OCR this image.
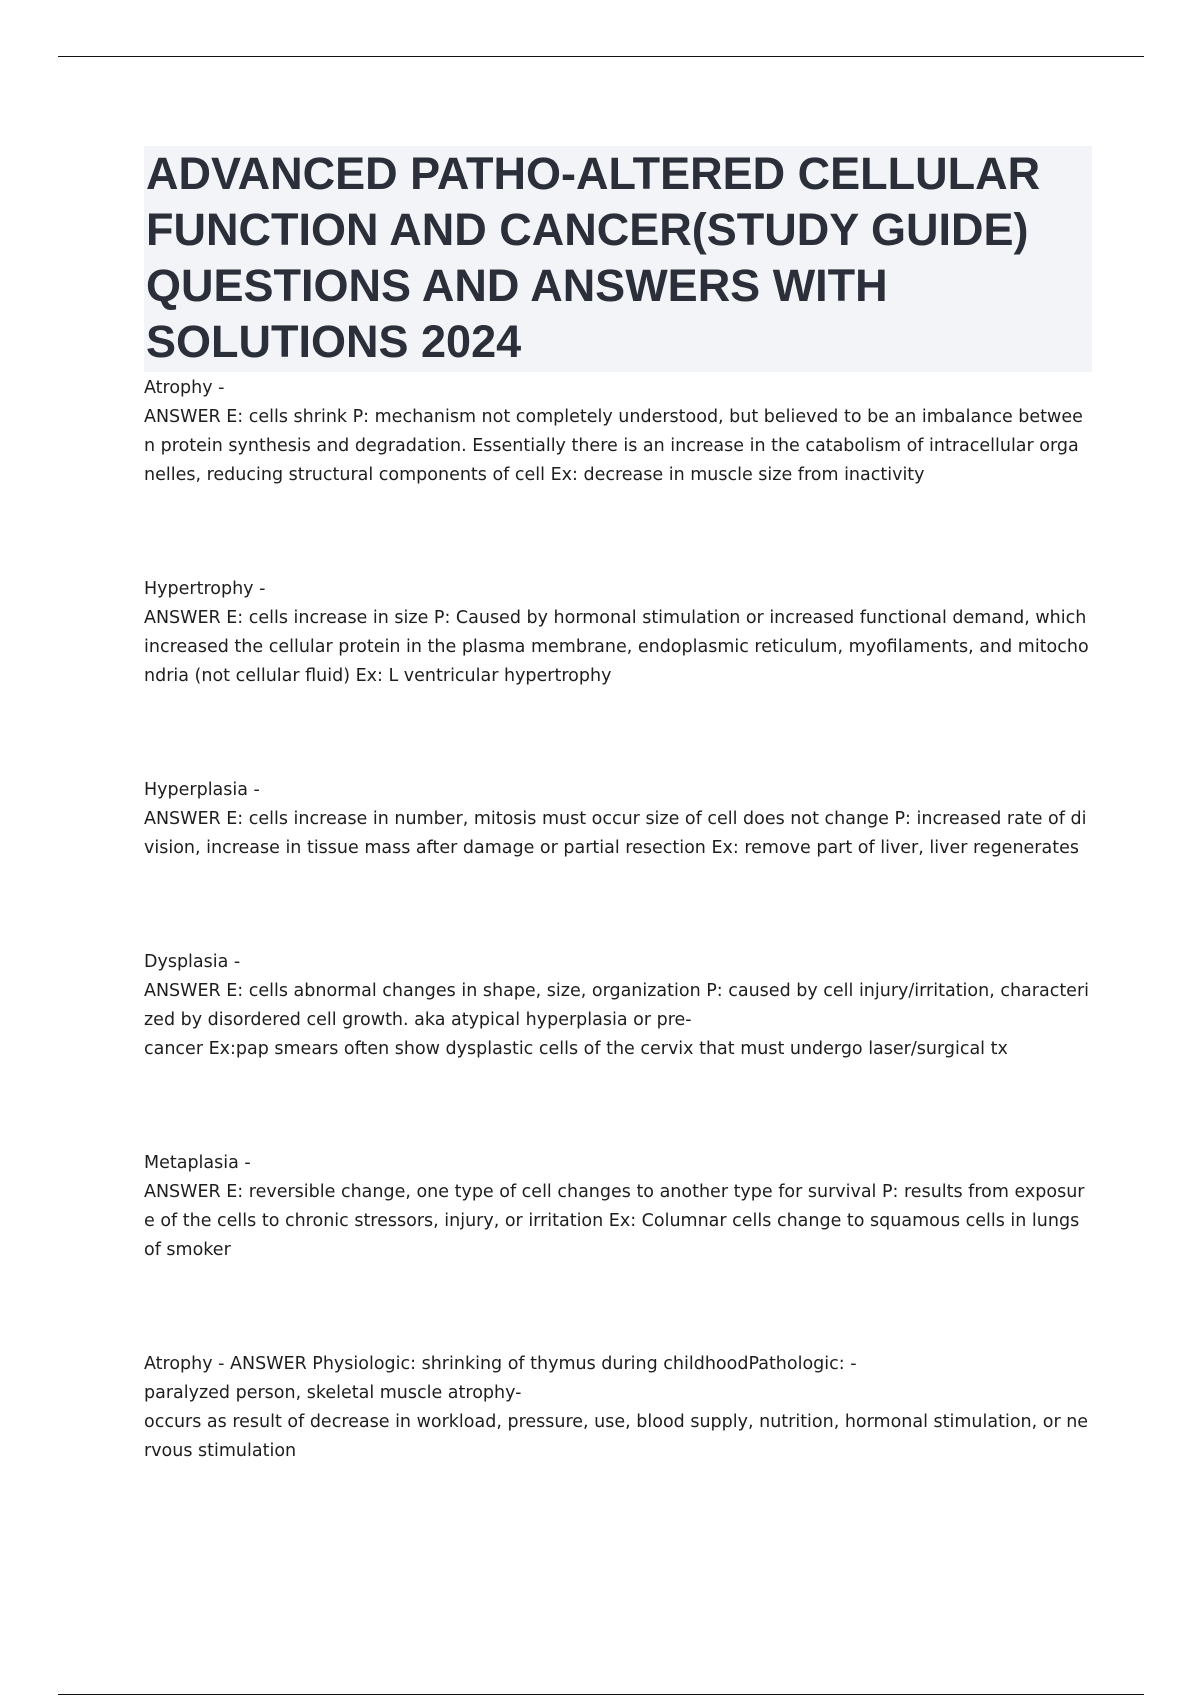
ADVANCED PATHO-ALTERED CELLULAR FUNCTION AND CANCER(STUDY GUIDE) QUESTIONS AND ANSWERS WITH SOLUTIONS 2024
Atrophy -
ANSWER E: cells shrink P: mechanism not completely understood, but believed to be an imbalance between protein synthesis and degradation. Essentially there is an increase in the catabolism of intracellular organelles, reducing structural components of cell Ex: decrease in muscle size from inactivity
Hypertrophy -
ANSWER E: cells increase in size P: Caused by hormonal stimulation or increased functional demand, which increased the cellular protein in the plasma membrane, endoplasmic reticulum, myofilaments, and mitochondria (not cellular fluid) Ex: L ventricular hypertrophy
Hyperplasia -
ANSWER E: cells increase in number, mitosis must occur size of cell does not change P: increased rate of division, increase in tissue mass after damage or partial resection Ex: remove part of liver, liver regenerates
Dysplasia -
ANSWER E: cells abnormal changes in shape, size, organization P: caused by cell injury/irritation, characterized by disordered cell growth. aka atypical hyperplasia or pre-
cancer Ex:pap smears often show dysplastic cells of the cervix that must undergo laser/surgical tx
Metaplasia -
ANSWER E: reversible change, one type of cell changes to another type for survival P: results from exposure of the cells to chronic stressors, injury, or irritation Ex: Columnar cells change to squamous cells in lungs of smoker
Atrophy - ANSWER Physiologic: shrinking of thymus during childhoodPathologic: -
paralyzed person, skeletal muscle atrophy-
occurs as result of decrease in workload, pressure, use, blood supply, nutrition, hormonal stimulation, or nervous stimulation
